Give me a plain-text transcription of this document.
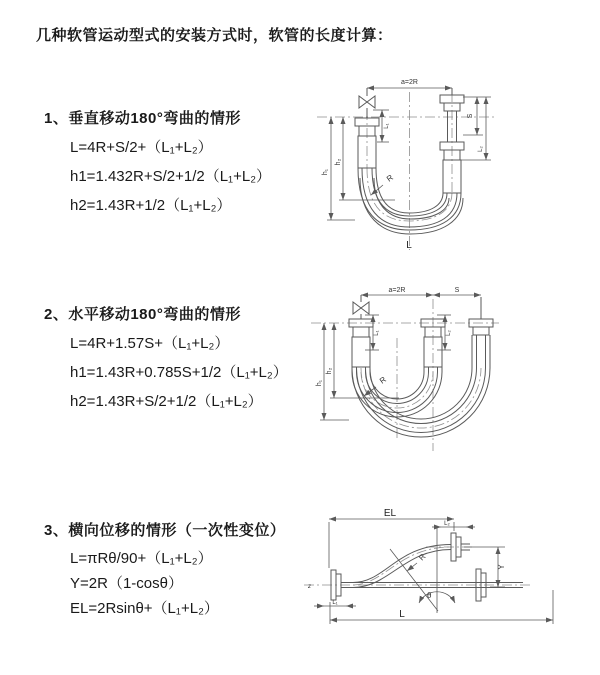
几种软管运动型式的安装方式时，软管的长度计算：

1、垂直移动180°弯曲的情形

L=4R+S/2+（L₁+L₂）

h1=1.432R+S/2+1/2（L₁+L₂）

h2=1.43R+1/2（L₁+L₂）

2、水平移动180°弯曲的情形

L=4R+1.57S+（L₁+L₂）

h1=1.43R+0.785S+1/2（L₁+L₂）

h2=1.43R+S/2+1/2（L₁+L₂）

3、横向位移的情形（一次性变位）

L=πRθ/90+（L₁+L₂）

Y=2R（1-cosθ）

EL=2Rsinθ+（L₁+L₂）

a=2R
h₁
h₂
L₁
S
L₂
R
L
a=2R	S
h₁
h₂
L₁	L₂
R
θ
EL
L₂
Y
L
L₁
R
z
